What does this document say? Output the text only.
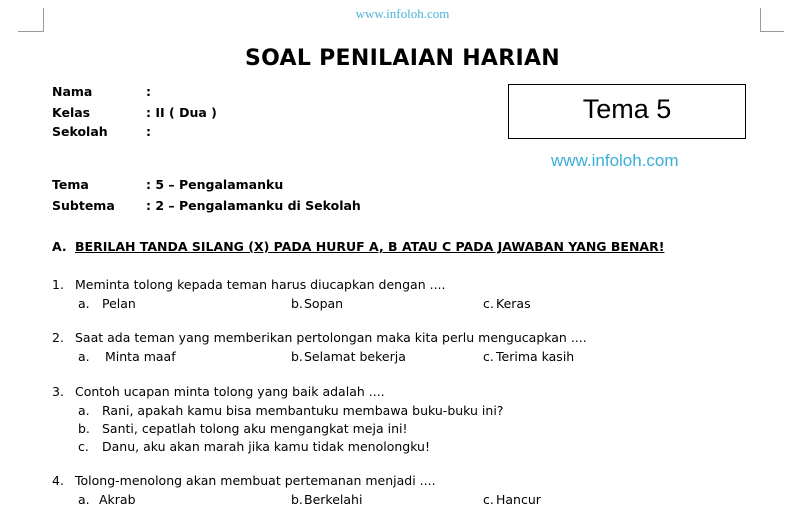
www.infoloh.com
SOAL PENILAIAN HARIAN
Nama	:
Kelas	: II ( Dua )
Sekolah	:
Tema 5
www.infoloh.com
Tema	: 5 – Pengalamanku
Subtema : 2 – Pengalamanku di Sekolah
A. BERILAH TANDA SILANG (X) PADA HURUF A, B ATAU C PADA JAWABAN YANG BENAR!
1. Meminta tolong kepada teman harus diucapkan dengan ....
a. Pelan	b. Sopan	c. Keras
2. Saat ada teman yang memberikan pertolongan maka kita perlu mengucapkan ....
a. Minta maaf	b. Selamat bekerja	c. Terima kasih
3. Contoh ucapan minta tolong yang baik adalah ....
a. Rani, apakah kamu bisa membantuku membawa buku-buku ini?
b. Santi, cepatlah tolong aku mengangkat meja ini!
c. Danu, aku akan marah jika kamu tidak menolongku!
4. Tolong-menolong akan membuat pertemanan menjadi ....
a. Akrab	b. Berkelahi	c. Hancur
